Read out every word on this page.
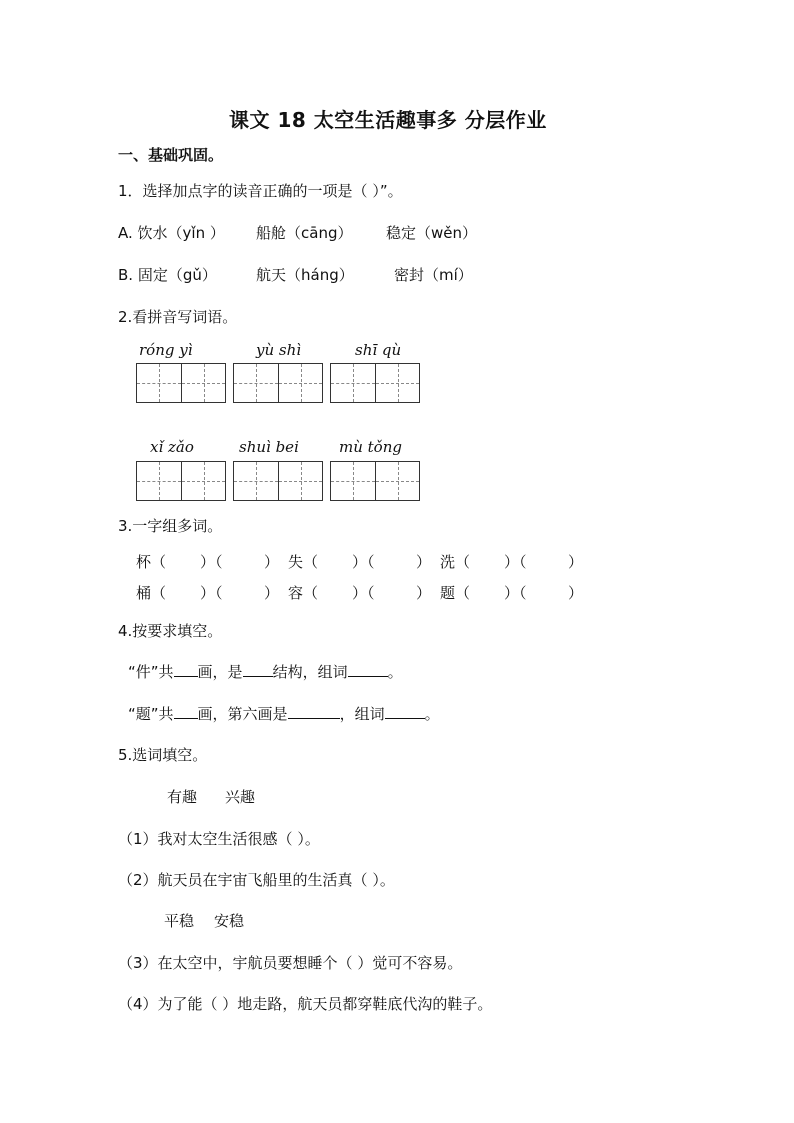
课文 18 太空生活趣事多 分层作业
一、基础巩固。
1．选择加点字的读音正确的一项是（ ）”。
A. 饮水（yǐn ） 船舱（cāng） 稳定（wěn）
B. 固定（gǔ）	航天（háng）	密封（mí）
2.看拼音写词语。
róng yì	yù shì	shī qù
xǐ zǎo	shuì bei	mù tǒng
3.一字组多词。
杯（ ）（	） 失（ ）（	） 洗（ ）（	）
桶（ ）（	） 容（ ）（	） 题（ ）（	）
4.按要求填空。
“件”共 画，是 结构，组词	。
“题”共 画，第六画是	，组词	。
5.选词填空。
有趣 兴趣
（1）我对太空生活很感（ ）。
（2）航天员在宇宙飞船里的生活真（ ）。
平稳 安稳
（3）在太空中，宇航员要想睡个（ ）觉可不容易。
（4）为了能（ ）地走路，航天员都穿鞋底代沟的鞋子。
